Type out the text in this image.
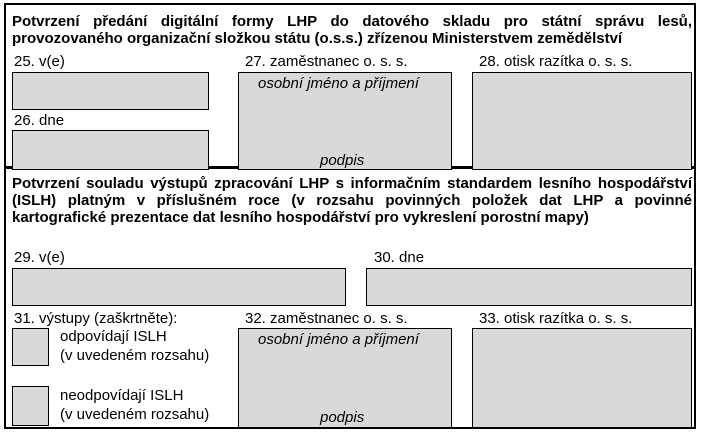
Potvrzení předání digitální formy LHP do datového skladu pro státní správu lesů, provozovaného organizační složkou státu (o.s.s.) zřízenou Ministerstvem zemědělství
25. v(e)
26. dne
27. zaměstnanec o. s. s.
osobní jméno a příjmení
podpis
28. otisk razítka o. s. s.
Potvrzení souladu výstupů zpracování LHP s informačním standardem lesního hospodářství (ISLH) platným v příslušném roce (v rozsahu povinných položek dat LHP a povinné kartografické prezentace dat lesního hospodářství pro vykreslení porostní mapy)
29. v(e)	30. dne
31. výstupy (zaškrtněte):
odpovídají ISLH
(v uvedeném rozsahu)
neodpovídají ISLH
(v uvedeném rozsahu)
32. zaměstnanec o. s. s.
osobní jméno a příjmení
podpis
33. otisk razítka o. s. s.
